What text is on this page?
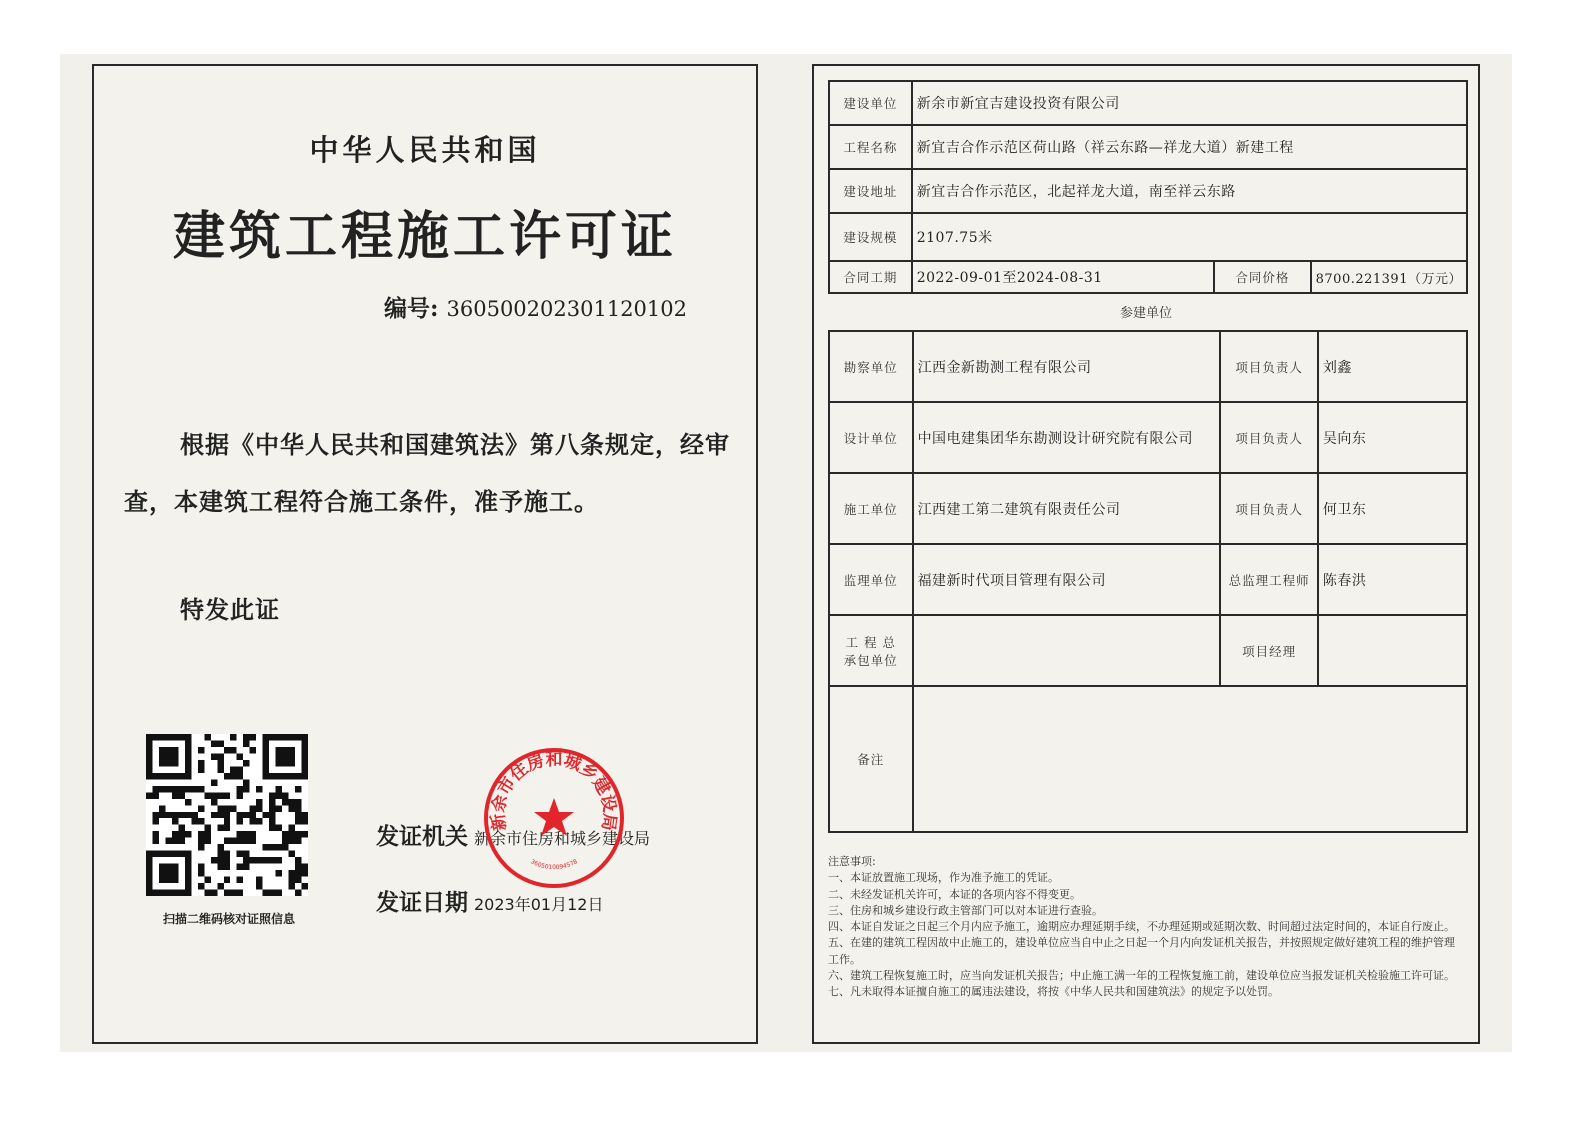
中华人民共和国
建筑工程施工许可证
编号: 360500202301120102
根据《中华人民共和国建筑法》第八条规定，经审查，本建筑工程符合施工条件，准予施工。
特发此证
扫描二维码核对证照信息
发证机关 新余市住房和城乡建设局
发证日期 2023年01月12日
新余市住房和城乡建设局
3605010094578
建设单位	新余市新宜吉建设投资有限公司		
工程名称	新宜吉合作示范区荷山路（祥云东路—祥龙大道）新建工程		
建设地址	新宜吉合作示范区，北起祥龙大道，南至祥云东路		
建设规模	2107.75米		
合同工期	2022-09-01至2024-08-31	合同价格	8700.221391（万元）
参建单位
勘察单位	江西金新勘测工程有限公司	项目负责人	刘鑫
设计单位	中国电建集团华东勘测设计研究院有限公司	项目负责人	吴向东
施工单位	江西建工第二建筑有限责任公司	项目负责人	何卫东
监理单位	福建新时代项目管理有限公司	总监理工程师	陈春洪
工 程 总
承包单位		项目经理	
备注			
注意事项:
一、本证放置施工现场，作为准予施工的凭证。
二、未经发证机关许可，本证的各项内容不得变更。
三、住房和城乡建设行政主管部门可以对本证进行查验。
四、本证自发证之日起三个月内应予施工，逾期应办理延期手续，不办理延期或延期次数、时间超过法定时间的，本证自行废止。
五、在建的建筑工程因故中止施工的，建设单位应当自中止之日起一个月内向发证机关报告，并按照规定做好建筑工程的维护管理工作。
六、建筑工程恢复施工时，应当向发证机关报告；中止施工满一年的工程恢复施工前，建设单位应当报发证机关检验施工许可证。
七、凡未取得本证擅自施工的属违法建设，将按《中华人民共和国建筑法》的规定予以处罚。
